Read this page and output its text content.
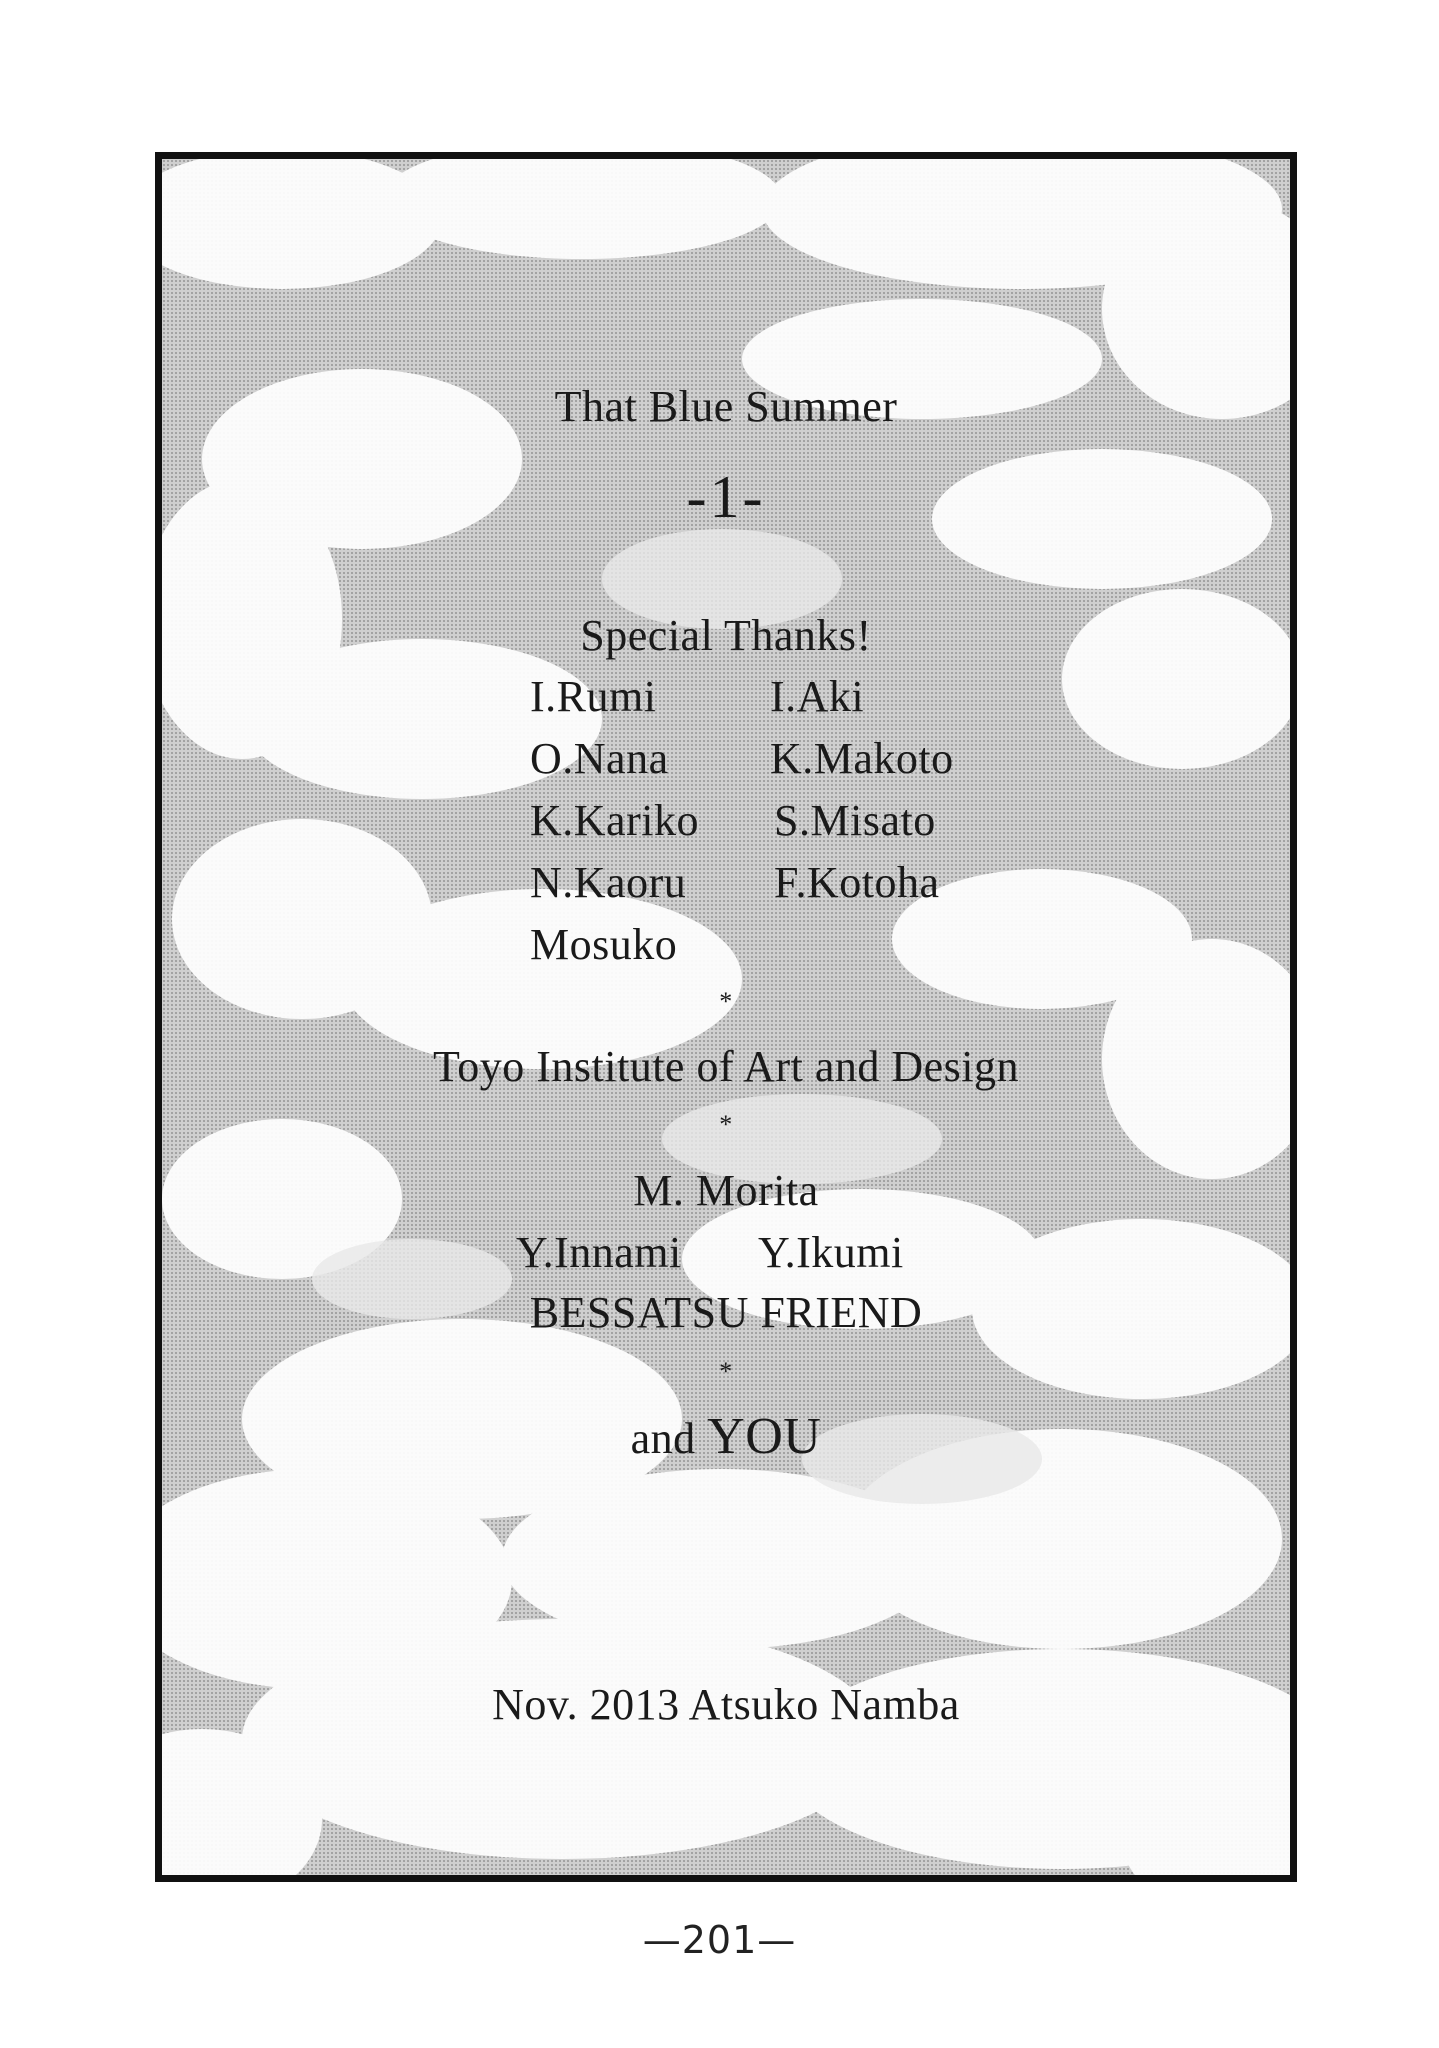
That Blue Summer
-1-
Special Thanks!
I.Rumi	I.Aki
O.Nana K.Makoto
K.Kariko S.Misato
N.Kaoru F.Kotoha
Mosuko
*
Toyo Institute of Art and Design
*
M. Morita
Y.Innami Y.Ikumi
BESSATSU FRIEND
*
and YOU
Nov. 2013 Atsuko Namba
—201—
